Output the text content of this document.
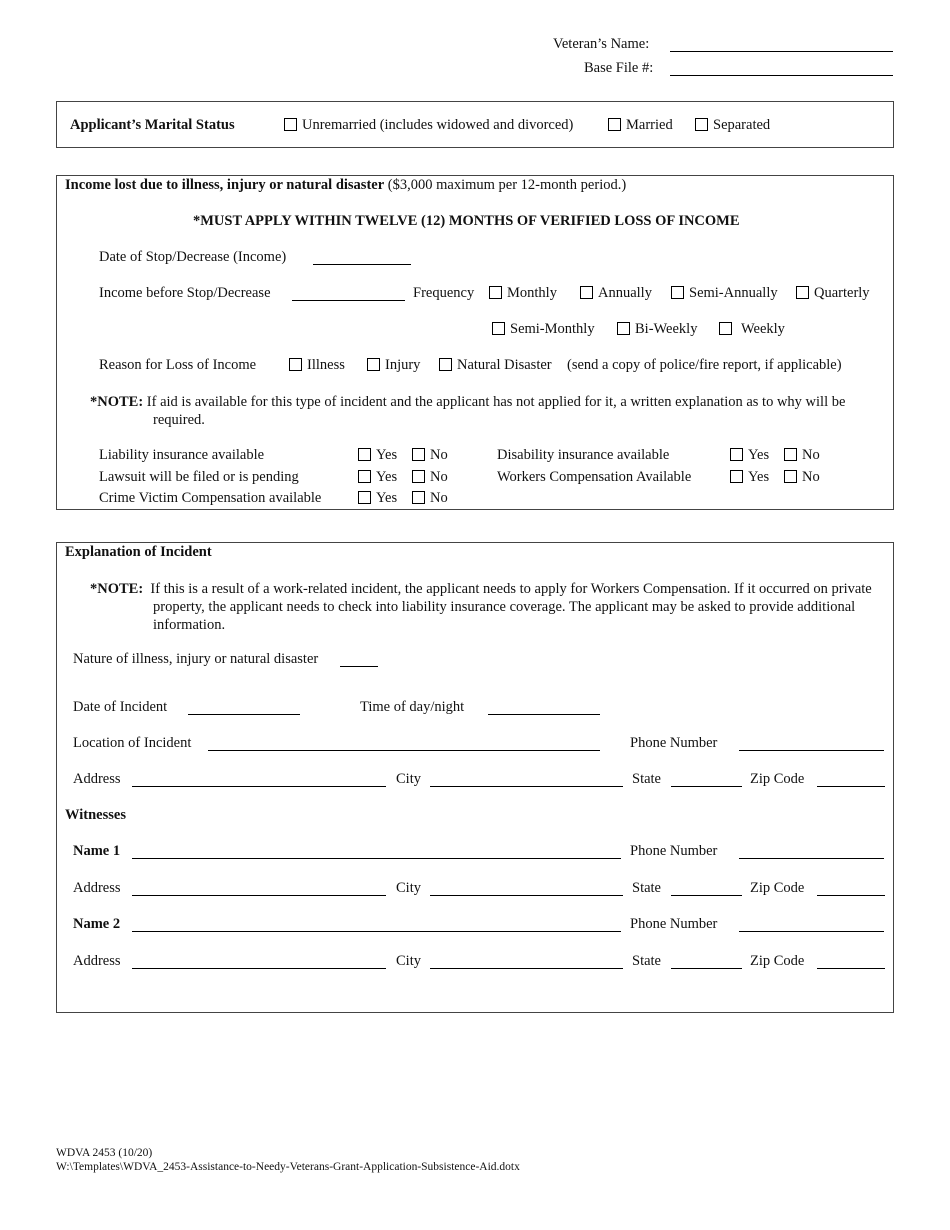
Veteran’s Name:
Base File #:
Applicant’s Marital Status	Unremarried (includes widowed and divorced)	Married	Separated
Income lost due to illness, injury or natural disaster ($3,000 maximum per 12-month period.)
*MUST APPLY WITHIN TWELVE (12) MONTHS OF VERIFIED LOSS OF INCOME
Date of Stop/Decrease (Income)
Income before Stop/Decrease	Frequency	Monthly	Annually	Semi-Annually	Quarterly
Semi-Monthly	Bi-Weekly	Weekly
Reason for Loss of Income	Illness	Injury	Natural Disaster (send a copy of police/fire report, if applicable)
*NOTE: If aid is available for this type of incident and the applicant has not applied for it, a written explanation as to why will be required.
Liability insurance available	Yes	No	Disability insurance available	Yes	No
Lawsuit will be filed or is pending	Yes	No	Workers Compensation Available	Yes	No
Crime Victim Compensation available	Yes	No
Explanation of Incident
*NOTE: If this is a result of a work-related incident, the applicant needs to apply for Workers Compensation. If it occurred on private property, the applicant needs to check into liability insurance coverage. The applicant may be asked to provide additional information.
Nature of illness, injury or natural disaster
Date of Incident	Time of day/night
Location of Incident	Phone Number
Address	City	State	Zip Code
Witnesses
Name 1	Phone Number
Address	City	State	Zip Code
Name 2	Phone Number
Address	City	State	Zip Code
WDVA 2453 (10/20)
W:\Templates\WDVA_2453-Assistance-to-Needy-Veterans-Grant-Application-Subsistence-Aid.dotx
